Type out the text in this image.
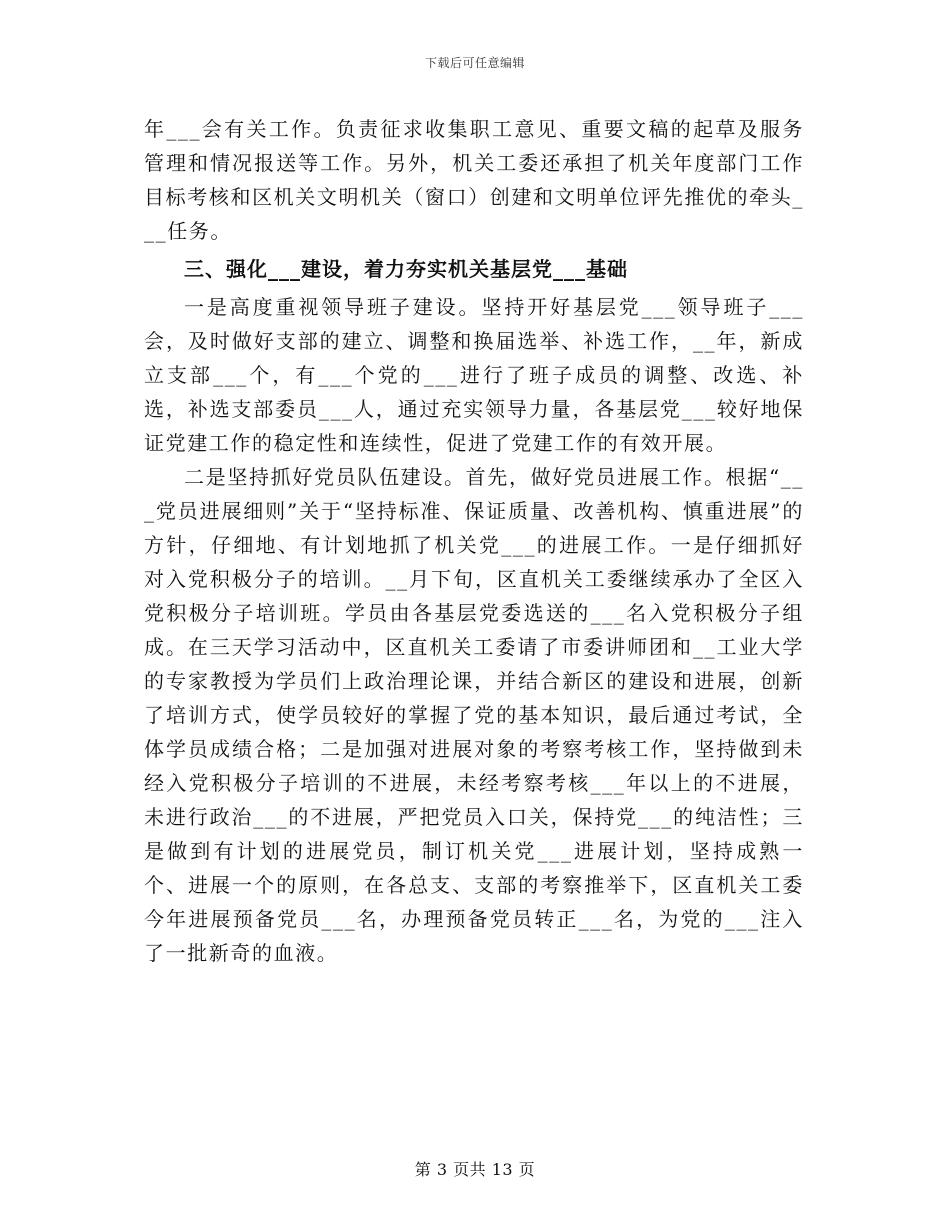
下载后可任意编辑

年___会有关工作。负责征求收集职工意见、重要文稿的起草及服务管理和情况报送等工作。另外，机关工委还承担了机关年度部门工作目标考核和区机关文明机关（窗口）创建和文明单位评先推优的牵头___任务。

三、强化___建设，着力夯实机关基层党___基础

一是高度重视领导班子建设。坚持开好基层党___领导班子___会，及时做好支部的建立、调整和换届选举、补选工作，__年，新成立支部___个，有___个党的___进行了班子成员的调整、改选、补选，补选支部委员___人，通过充实领导力量，各基层党___较好地保证党建工作的稳定性和连续性，促进了党建工作的有效开展。

二是坚持抓好党员队伍建设。首先，做好党员进展工作。根据“___党员进展细则”关于“坚持标准、保证质量、改善机构、慎重进展”的方针，仔细地、有计划地抓了机关党___的进展工作。一是仔细抓好对入党积极分子的培训。__月下旬，区直机关工委继续承办了全区入党积极分子培训班。学员由各基层党委选送的___名入党积极分子组成。在三天学习活动中，区直机关工委请了市委讲师团和__工业大学的专家教授为学员们上政治理论课，并结合新区的建设和进展，创新了培训方式，使学员较好的掌握了党的基本知识，最后通过考试，全体学员成绩合格；二是加强对进展对象的考察考核工作，坚持做到未经入党积极分子培训的不进展，未经考察考核___年以上的不进展，未进行政治___的不进展，严把党员入口关，保持党___的纯洁性；三是做到有计划的进展党员，制订机关党___进展计划，坚持成熟一个、进展一个的原则，在各总支、支部的考察推举下，区直机关工委今年进展预备党员___名，办理预备党员转正___名，为党的___注入了一批新奇的血液。

第 3 页共 13 页
